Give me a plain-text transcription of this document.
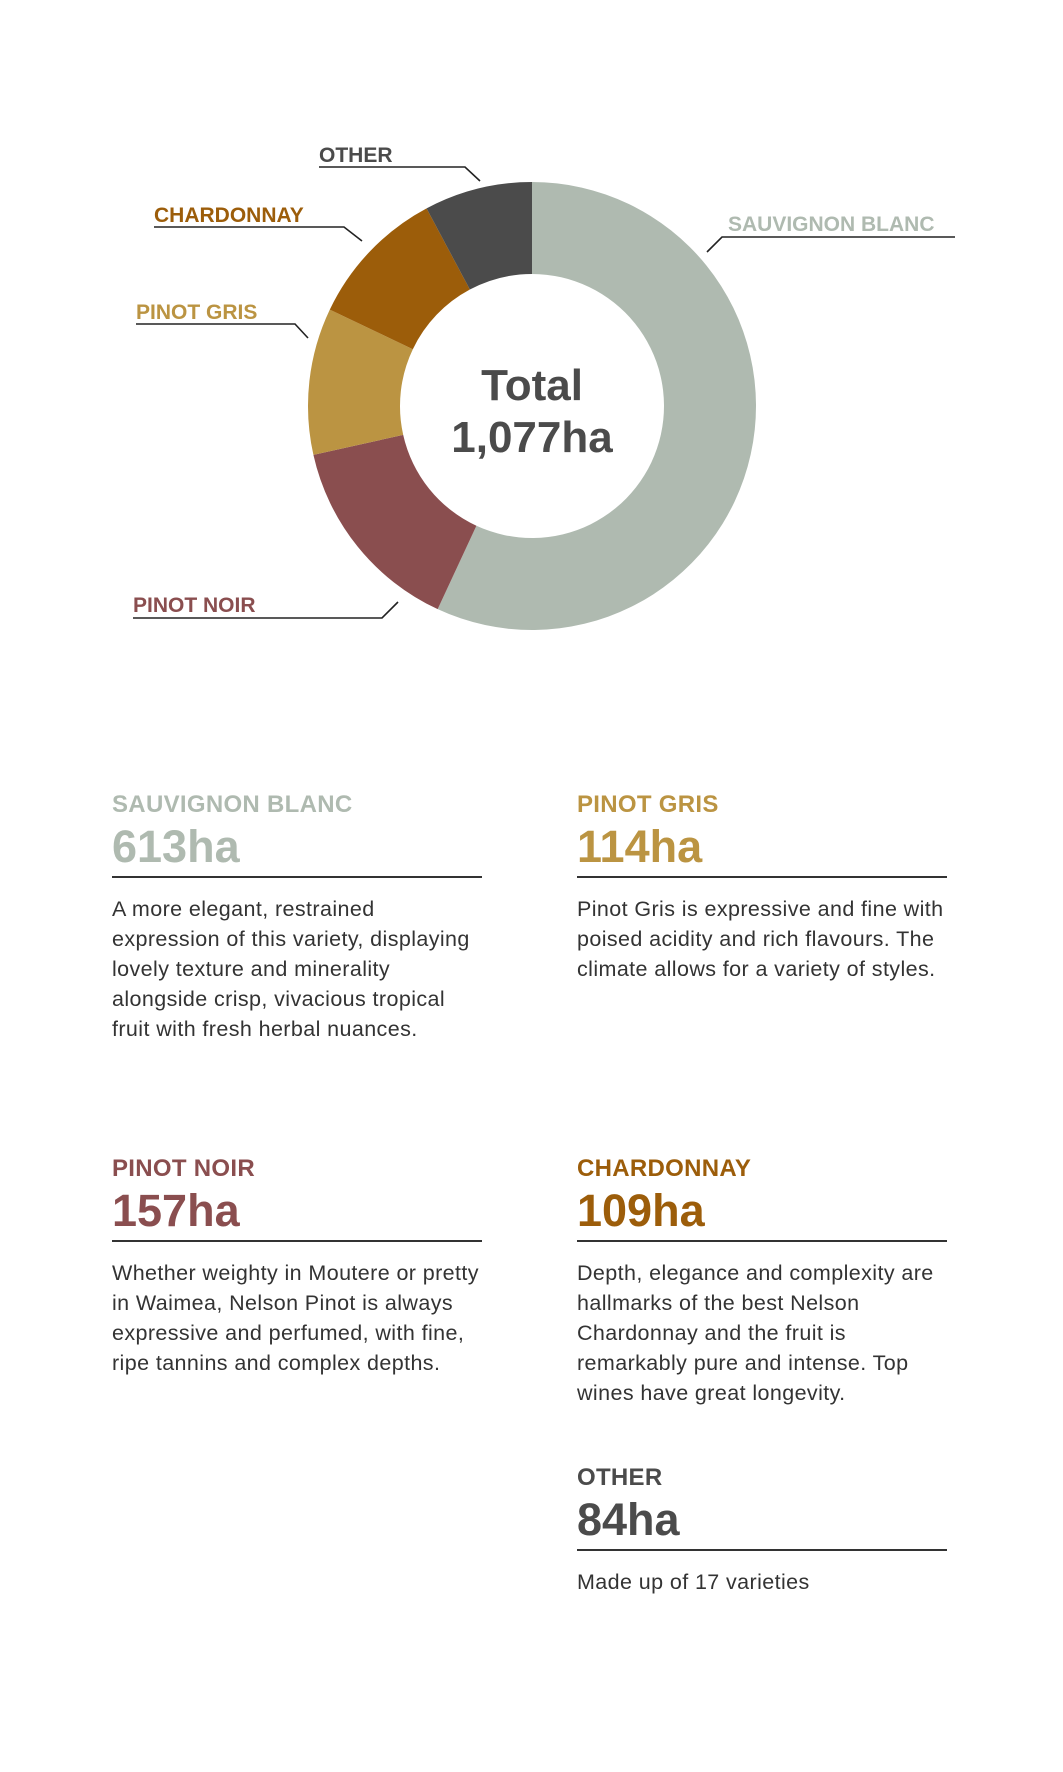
OTHER
CHARDONNAY
PINOT GRIS
SAUVIGNON BLANC
PINOT NOIR
Total
1,077ha

SAUVIGNON BLANC

613ha

A more elegant, restrained expression of this variety, displaying lovely texture and minerality alongside crisp, vivacious tropical fruit with fresh herbal nuances.

PINOT GRIS

114ha

Pinot Gris is expressive and fine with poised acidity and rich flavours. The climate allows for a variety of styles.

PINOT NOIR

157ha

Whether weighty in Moutere or pretty in Waimea, Nelson Pinot is always expressive and perfumed, with fine, ripe tannins and complex depths.

CHARDONNAY

109ha

Depth, elegance and complexity are hallmarks of the best Nelson Chardonnay and the fruit is remarkably pure and intense. Top wines have great longevity.

OTHER

84ha

Made up of 17 varieties
